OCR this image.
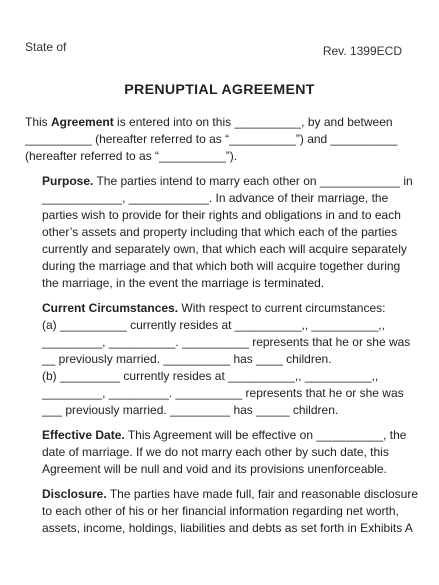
State of	Rev. 1399ECD
PRENUPTIAL AGREEMENT
This Agreement is entered into on this __________, by and between
__________ (hereafter referred to as “__________”) and __________
(hereafter referred to as “__________”).
Purpose. The parties intend to marry each other on ____________ in
____________, ____________. In advance of their marriage, the
parties wish to provide for their rights and obligations in and to each
other’s assets and property including that which each of the parties
currently and separately own, that which each will acquire separately
during the marriage and that which both will acquire together during
the marriage, in the event the marriage is terminated.
Current Circumstances. With respect to current circumstances:
(a) __________ currently resides at __________,, __________,,
_________, __________. __________ represents that he or she was
__ previously married. __________ has ____ children.
(b) _________ currently resides at __________,, __________,,
_________, _________. __________ represents that he or she was
___ previously married. _________ has _____ children.
Effective Date. This Agreement will be effective on __________, the
date of marriage. If we do not marry each other by such date, this
Agreement will be null and void and its provisions unenforceable.
Disclosure. The parties have made full, fair and reasonable disclosure
to each other of his or her financial information regarding net worth,
assets, income, holdings, liabilities and debts as set forth in Exhibits A
